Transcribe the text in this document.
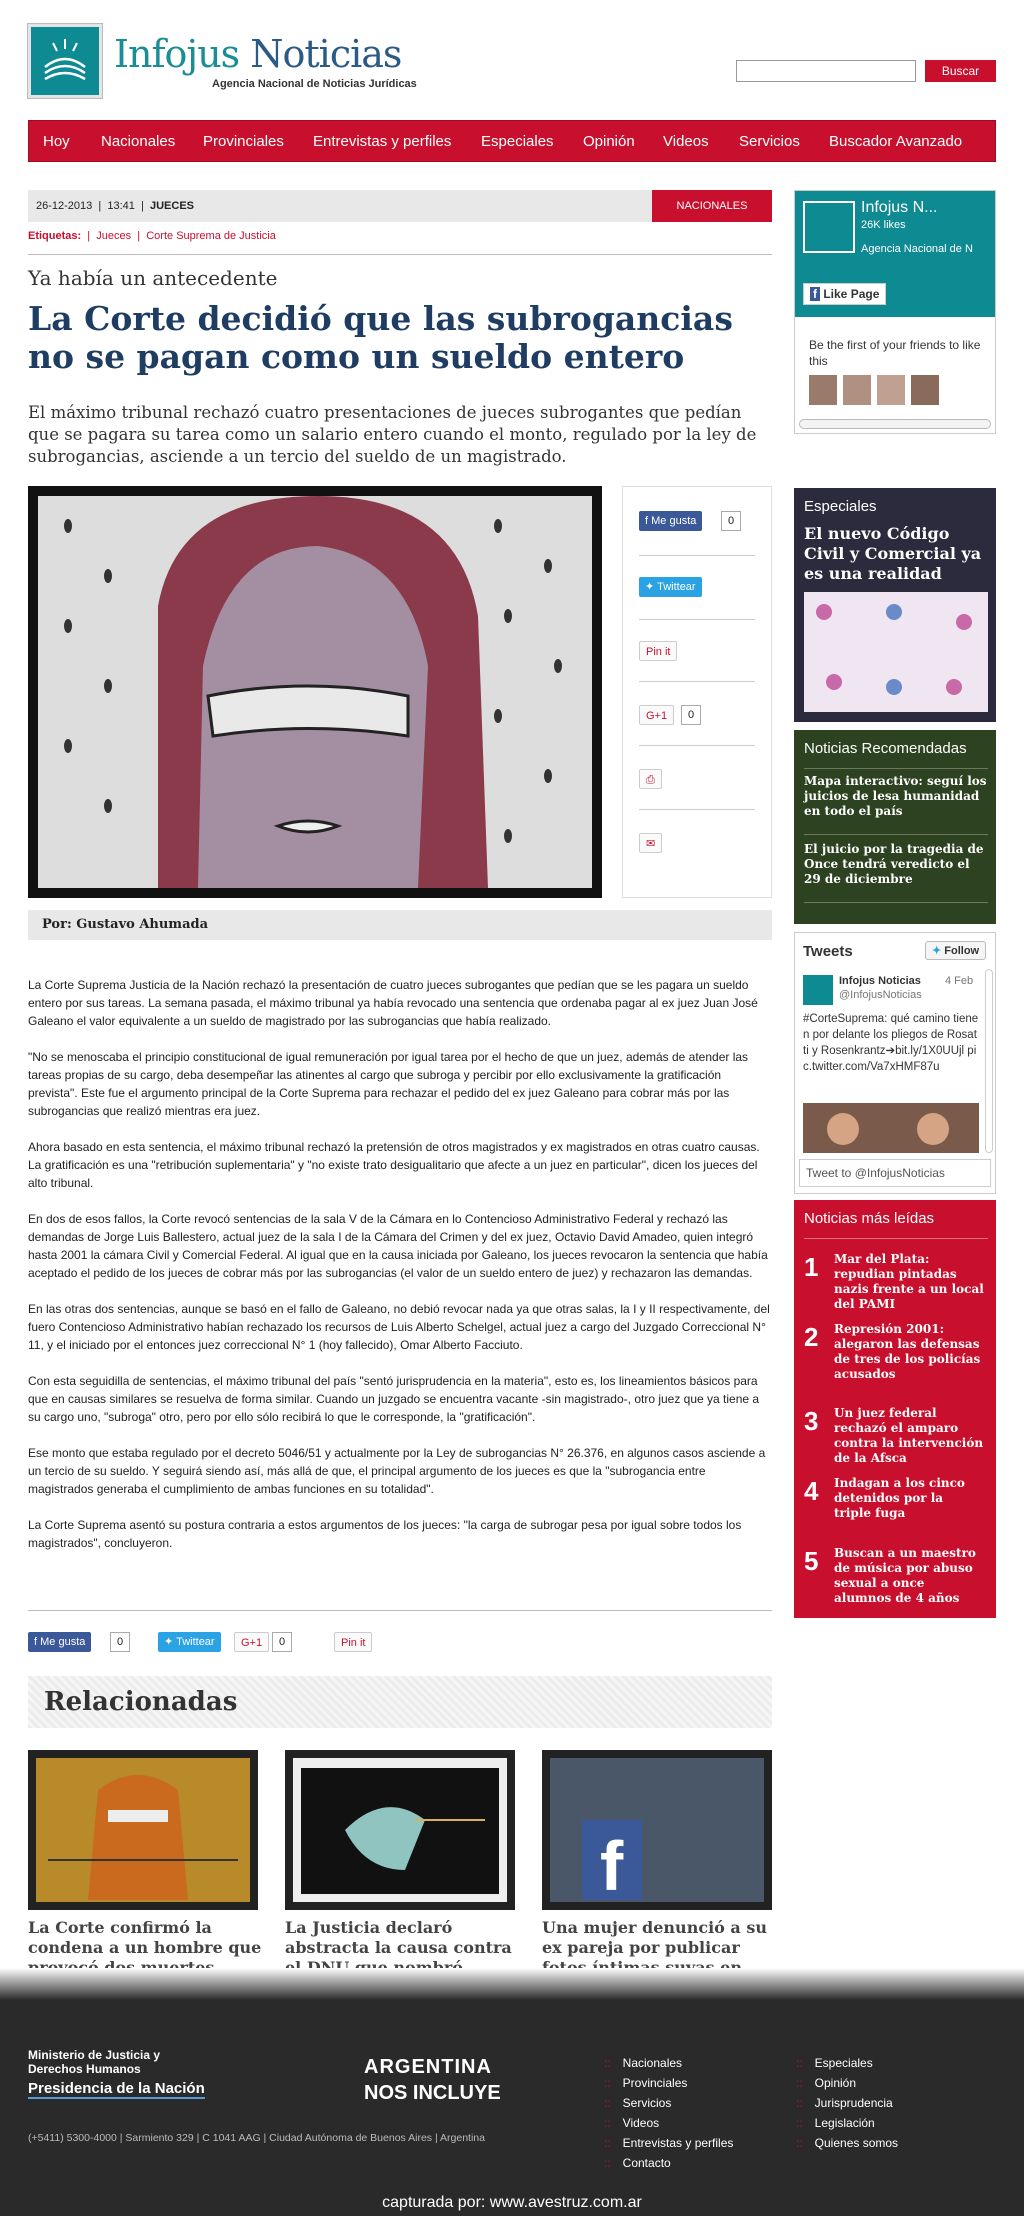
Infojus Noticias
Agencia Nacional de Noticias Jurídicas
Buscar
Hoy Nacionales Provinciales Entrevistas y perfiles Especiales Opinión Videos Servicios Buscador Avanzado
26-12-2013  |  13:41  |  JUECES	NACIONALES
Etiquetas:  |  Jueces  |  Corte Suprema de Justicia
Ya había un antecedente
La Corte decidió que las subrogancias no se pagan como un sueldo entero
El máximo tribunal rechazó cuatro presentaciones de jueces subrogantes que pedían que se pagara su tarea como un salario entero cuando el monto, regulado por la ley de subrogancias, asciende a un tercio del sueldo de un magistrado.
f Me gusta	0
✦ Twittear
Pin it
G+1	0
⎙
✉
Por: Gustavo Ahumada

La Corte Suprema Justicia de la Nación rechazó la presentación de cuatro jueces subrogantes que pedían que se les pagara un sueldo entero por sus tareas. La semana pasada, el máximo tribunal ya había revocado una sentencia que ordenaba pagar al ex juez Juan José Galeano el valor equivalente a un sueldo de magistrado por las subrogancias que había realizado.

"No se menoscaba el principio constitucional de igual remuneración por igual tarea por el hecho de que un juez, además de atender las tareas propias de su cargo, deba desempeñar las atinentes al cargo que subroga y percibir por ello exclusivamente la gratificación prevista". Este fue el argumento principal de la Corte Suprema para rechazar el pedido del ex juez Galeano para cobrar más por las subrogancias que realizó mientras era juez.

Ahora basado en esta sentencia, el máximo tribunal rechazó la pretensión de otros magistrados y ex magistrados en otras cuatro causas. La gratificación es una "retribución suplementaria" y "no existe trato desigualitario que afecte a un juez en particular", dicen los jueces del alto tribunal.

En dos de esos fallos, la Corte revocó sentencias de la sala V de la Cámara en lo Contencioso Administrativo Federal y rechazó las demandas de Jorge Luis Ballestero, actual juez de la sala I de la Cámara del Crimen y del ex juez, Octavio David Amadeo, quien integró hasta 2001 la cámara Civil y Comercial Federal. Al igual que en la causa iniciada por Galeano, los jueces revocaron la sentencia que había aceptado el pedido de los jueces de cobrar más por las subrogancias (el valor de un sueldo entero de juez) y rechazaron las demandas.

En las otras dos sentencias, aunque se basó en el fallo de Galeano, no debió revocar nada ya que otras salas, la I y II respectivamente, del fuero Contencioso Administrativo habían rechazado los recursos de Luis Alberto Schelgel, actual juez a cargo del Juzgado Correccional N° 11, y el iniciado por el entonces juez correccional N° 1 (hoy fallecido), Omar Alberto Facciuto.

Con esta seguidilla de sentencias, el máximo tribunal del país "sentó jurisprudencia en la materia", esto es, los lineamientos básicos para que en causas similares se resuelva de forma similar. Cuando un juzgado se encuentra vacante -sin magistrado-, otro juez que ya tiene a su cargo uno, "subroga" otro, pero por ello sólo recibirá lo que le corresponde, la "gratificación".

Ese monto que estaba regulado por el decreto 5046/51 y actualmente por la Ley de subrogancias N° 26.376, en algunos casos asciende a un tercio de su sueldo. Y seguirá siendo así, más allá de que, el principal argumento de los jueces es que la "subrogancia entre magistrados generaba el cumplimiento de ambas funciones en su totalidad".

La Corte Suprema asentó su postura contraria a estos argumentos de los jueces: "la carga de subrogar pesa por igual sobre todos los magistrados", concluyeron.

f Me gusta	0	✦ Twittear	G+1	0	Pin it
Relacionadas
f
La Corte confirmó la condena a un hombre que
La Justicia declaró abstracta la causa contra
Una mujer denunció a su ex pareja por publicar
Infojus N...
26K likes
Agencia Nacional de N
f Like Page
Be the first of your friends to like this
Especiales
El nuevo Código Civil y Comercial ya es una realidad
Noticias Recomendadas
Mapa interactivo: seguí los juicios de lesa humanidad en todo el país
El juicio por la tragedia de Once tendrá veredicto el 29 de diciembre
Tweets	✦ Follow
Infojus Noticias
@InfojusNoticias
4 Feb
#CorteSuprema: qué camino tienen por delante los pliegos de Rosatti y Rosenkrantz➔bit.ly/1X0UUjl pic.twitter.com/Va7xHMF87u
Tweet to @InfojusNoticias
Noticias más leídas
1 Mar del Plata: repudian pintadas nazis frente a un local del PAMI
2 Represión 2001: alegaron las defensas de tres de los policías acusados
3 Un juez federal rechazó el amparo contra la intervención de la Afsca
4 Indagan a los cinco detenidos por la triple fuga
5 Buscan a un maestro de música por abuso sexual a once alumnos de 4 años
Ministerio de Justicia y Derechos Humanos
Presidencia de la Nación
ARGENTINA
NOS INCLUYE
(+5411) 5300-4000 | Sarmiento 329 | C 1041 AAG | Ciudad Autónoma de Buenos Aires | Argentina
:: Nacionales
:: Provinciales
:: Servicios
:: Videos
:: Entrevistas y perfiles
:: Contacto
:: Especiales
:: Opinión
:: Jurisprudencia
:: Legislación
:: Quienes somos
capturada por: www.avestruz.com.ar
